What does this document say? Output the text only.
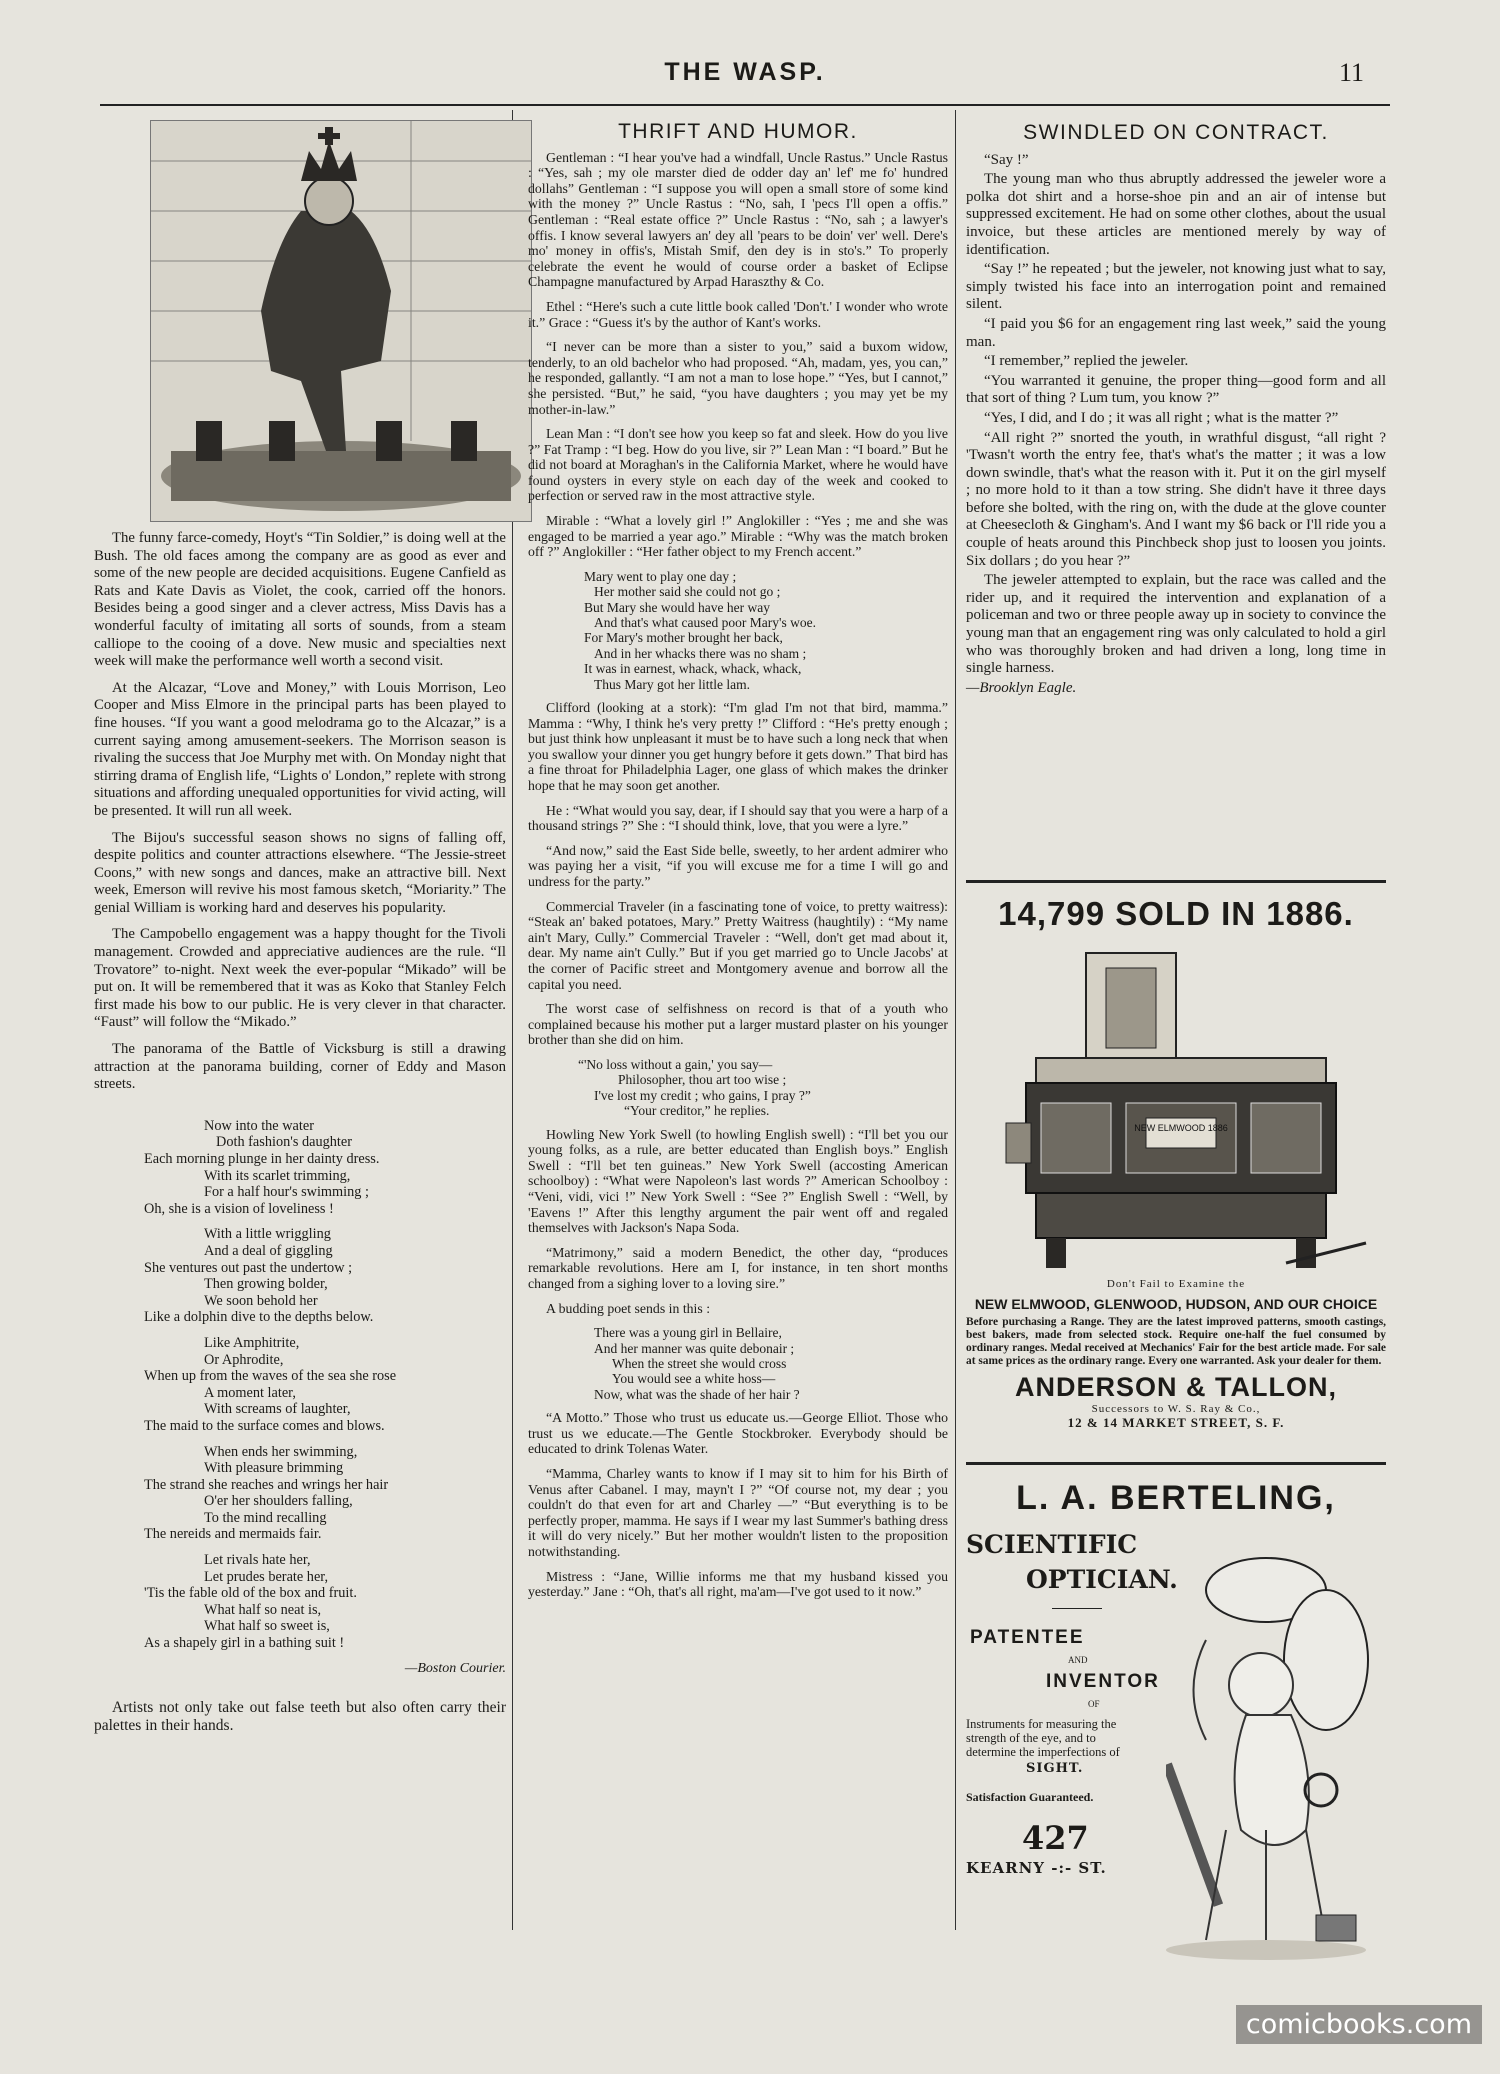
THE WASP.	11

The funny farce-comedy, Hoyt's “Tin Soldier,” is doing well at the Bush. The old faces among the company are as good as ever and some of the new people are decided acquisitions. Eugene Canfield as Rats and Kate Davis as Violet, the cook, carried off the honors. Besides being a good singer and a clever actress, Miss Davis has a wonderful faculty of imitating all sorts of sounds, from a steam calliope to the cooing of a dove. New music and specialties next week will make the performance well worth a second visit.

At the Alcazar, “Love and Money,” with Louis Morrison, Leo Cooper and Miss Elmore in the principal parts has been played to fine houses. “If you want a good melodrama go to the Alcazar,” is a current saying among amusement-seekers. The Morrison season is rivaling the success that Joe Murphy met with. On Monday night that stirring drama of English life, “Lights o' London,” replete with strong situations and affording unequaled opportunities for vivid acting, will be presented. It will run all week.

The Bijou's successful season shows no signs of falling off, despite politics and counter attractions elsewhere. “The Jessie-street Coons,” with new songs and dances, make an attractive bill. Next week, Emerson will revive his most famous sketch, “Moriarity.” The genial William is working hard and deserves his popularity.

The Campobello engagement was a happy thought for the Tivoli management. Crowded and appreciative audiences are the rule. “Il Trovatore” to-night. Next week the ever-popular “Mikado” will be put on. It will be remembered that it was as Koko that Stanley Felch first made his bow to our public. He is very clever in that character. “Faust” will follow the “Mikado.”

The panorama of the Battle of Vicksburg is still a drawing attraction at the panorama building, corner of Eddy and Mason streets.

Now into the water
Doth fashion's daughter
Each morning plunge in her dainty dress.
With its scarlet trimming,
For a half hour's swimming ;
Oh, she is a vision of loveliness !
With a little wriggling
And a deal of giggling
She ventures out past the undertow ;
Then growing bolder,
We soon behold her
Like a dolphin dive to the depths below.
Like Amphitrite,
Or Aphrodite,
When up from the waves of the sea she rose
A moment later,
With screams of laughter,
The maid to the surface comes and blows.
When ends her swimming,
With pleasure brimming
The strand she reaches and wrings her hair
O'er her shoulders falling,
To the mind recalling
The nereids and mermaids fair.
Let rivals hate her,
Let prudes berate her,
'Tis the fable old of the box and fruit.
What half so neat is,
What half so sweet is,
As a shapely girl in a bathing suit !
—Boston Courier.

Artists not only take out false teeth but also often carry their palettes in their hands.

THRIFT AND HUMOR.

Gentleman : “I hear you've had a windfall, Uncle Rastus.” Uncle Rastus : “Yes, sah ; my ole marster died de odder day an' lef' me fo' hundred dollahs” Gentleman : “I suppose you will open a small store of some kind with the money ?” Uncle Rastus : “No, sah, I 'pecs I'll open a offis.” Gentleman : “Real estate office ?” Uncle Rastus : “No, sah ; a lawyer's offis. I know several lawyers an' dey all 'pears to be doin' ver' well. Dere's mo' money in offis's, Mistah Smif, den dey is in sto's.” To properly celebrate the event he would of course order a basket of Eclipse Champagne manufactured by Arpad Haraszthy & Co.

Ethel : “Here's such a cute little book called 'Don't.' I wonder who wrote it.” Grace : “Guess it's by the author of Kant's works.

“I never can be more than a sister to you,” said a buxom widow, tenderly, to an old bachelor who had proposed. “Ah, madam, yes, you can,” he responded, gallantly. “I am not a man to lose hope.” “Yes, but I cannot,” she persisted. “But,” he said, “you have daughters ; you may yet be my mother-in-law.”

Lean Man : “I don't see how you keep so fat and sleek. How do you live ?” Fat Tramp : “I beg. How do you live, sir ?” Lean Man : “I board.” But he did not board at Moraghan's in the California Market, where he would have found oysters in every style on each day of the week and cooked to perfection or served raw in the most attractive style.

Mirable : “What a lovely girl !” Anglokiller : “Yes ; me and she was engaged to be married a year ago.” Mirable : “Why was the match broken off ?” Anglokiller : “Her father object to my French accent.”

Mary went to play one day ;
Her mother said she could not go ;
But Mary she would have her way
And that's what caused poor Mary's woe.
For Mary's mother brought her back,
And in her whacks there was no sham ;
It was in earnest, whack, whack, whack,
Thus Mary got her little lam.

Clifford (looking at a stork): “I'm glad I'm not that bird, mamma.” Mamma : “Why, I think he's very pretty !” Clifford : “He's pretty enough ; but just think how unpleasant it must be to have such a long neck that when you swallow your dinner you get hungry before it gets down.” That bird has a fine throat for Philadelphia Lager, one glass of which makes the drinker hope that he may soon get another.

He : “What would you say, dear, if I should say that you were a harp of a thousand strings ?” She : “I should think, love, that you were a lyre.”

“And now,” said the East Side belle, sweetly, to her ardent admirer who was paying her a visit, “if you will excuse me for a time I will go and undress for the party.”

Commercial Traveler (in a fascinating tone of voice, to pretty waitress): “Steak an' baked potatoes, Mary.” Pretty Waitress (haughtily) : “My name ain't Mary, Cully.” Commercial Traveler : “Well, don't get mad about it, dear. My name ain't Cully.” But if you get married go to Uncle Jacobs' at the corner of Pacific street and Montgomery avenue and borrow all the capital you need.

The worst case of selfishness on record is that of a youth who complained because his mother put a larger mustard plaster on his younger brother than she did on him.

“'No loss without a gain,' you say—
Philosopher, thou art too wise ;
I've lost my credit ; who gains, I pray ?”
“Your creditor,” he replies.

Howling New York Swell (to howling English swell) : “I'll bet you our young folks, as a rule, are better educated than English boys.” English Swell : “I'll bet ten guineas.” New York Swell (accosting American schoolboy) : “What were Napoleon's last words ?” American Schoolboy : “Veni, vidi, vici !” New York Swell : “See ?” English Swell : “Well, by 'Eavens !” After this lengthy argument the pair went off and regaled themselves with Jackson's Napa Soda.

“Matrimony,” said a modern Benedict, the other day, “produces remarkable revolutions. Here am I, for instance, in ten short months changed from a sighing lover to a loving sire.”

A budding poet sends in this :

There was a young girl in Bellaire,
And her manner was quite debonair ;
When the street she would cross
You would see a white hoss—
Now, what was the shade of her hair ?

“A Motto.” Those who trust us educate us.—George Elliot. Those who trust us we educate.—The Gentle Stockbroker. Everybody should be educated to drink Tolenas Water.

“Mamma, Charley wants to know if I may sit to him for his Birth of Venus after Cabanel. I may, mayn't I ?” “Of course not, my dear ; you couldn't do that even for art and Charley —” “But everything is to be perfectly proper, mamma. He says if I wear my last Summer's bathing dress it will do very nicely.” But her mother wouldn't listen to the proposition notwithstanding.

Mistress : “Jane, Willie informs me that my husband kissed you yesterday.” Jane : “Oh, that's all right, ma'am—I've got used to it now.”

SWINDLED ON CONTRACT.

“Say !”

The young man who thus abruptly addressed the jeweler wore a polka dot shirt and a horse-shoe pin and an air of intense but suppressed excitement. He had on some other clothes, about the usual invoice, but these articles are mentioned merely by way of identification.

“Say !” he repeated ; but the jeweler, not knowing just what to say, simply twisted his face into an interrogation point and remained silent.

“I paid you $6 for an engagement ring last week,” said the young man.

“I remember,” replied the jeweler.

“You warranted it genuine, the proper thing—good form and all that sort of thing ? Lum tum, you know ?”

“Yes, I did, and I do ; it was all right ; what is the matter ?”

“All right ?” snorted the youth, in wrathful disgust, “all right ? 'Twasn't worth the entry fee, that's what's the matter ; it was a low down swindle, that's what the reason with it. Put it on the girl myself ; no more hold to it than a tow string. She didn't have it three days before she bolted, with the ring on, with the dude at the glove counter at Cheesecloth & Gingham's. And I want my $6 back or I'll ride you a couple of heats around this Pinchbeck shop just to loosen you joints. Six dollars ; do you hear ?”

The jeweler attempted to explain, but the race was called and the rider up, and it required the intervention and explanation of a policeman and two or three people away up in society to convince the young man that an engagement ring was only calculated to hold a girl who was thoroughly broken and had driven a long, long time in single harness.

—Brooklyn Eagle.
14,799 SOLD IN 1886.
NEW ELMWOOD 1886
Don't Fail to Examine the
NEW ELMWOOD, GLENWOOD, HUDSON, AND OUR CHOICE
Before purchasing a Range. They are the latest improved patterns, smooth castings, best bakers, made from selected stock. Require one-half the fuel consumed by ordinary ranges. Medal received at Mechanics' Fair for the best article made. For sale at same prices as the ordinary range. Every one warranted. Ask your dealer for them.
ANDERSON & TALLON,
Successors to W. S. Ray & Co.,
12 & 14 MARKET STREET, S. F.
L. A. BERTELING,
SCIENTIFIC
OPTICIAN.
PATENTEE
AND
INVENTOR
OF
Instruments for measuring the strength of the eye, and to determine the imperfections of
SIGHT.
Satisfaction Guaranteed.
427
KEARNY -:- ST.
comicbooks.com
